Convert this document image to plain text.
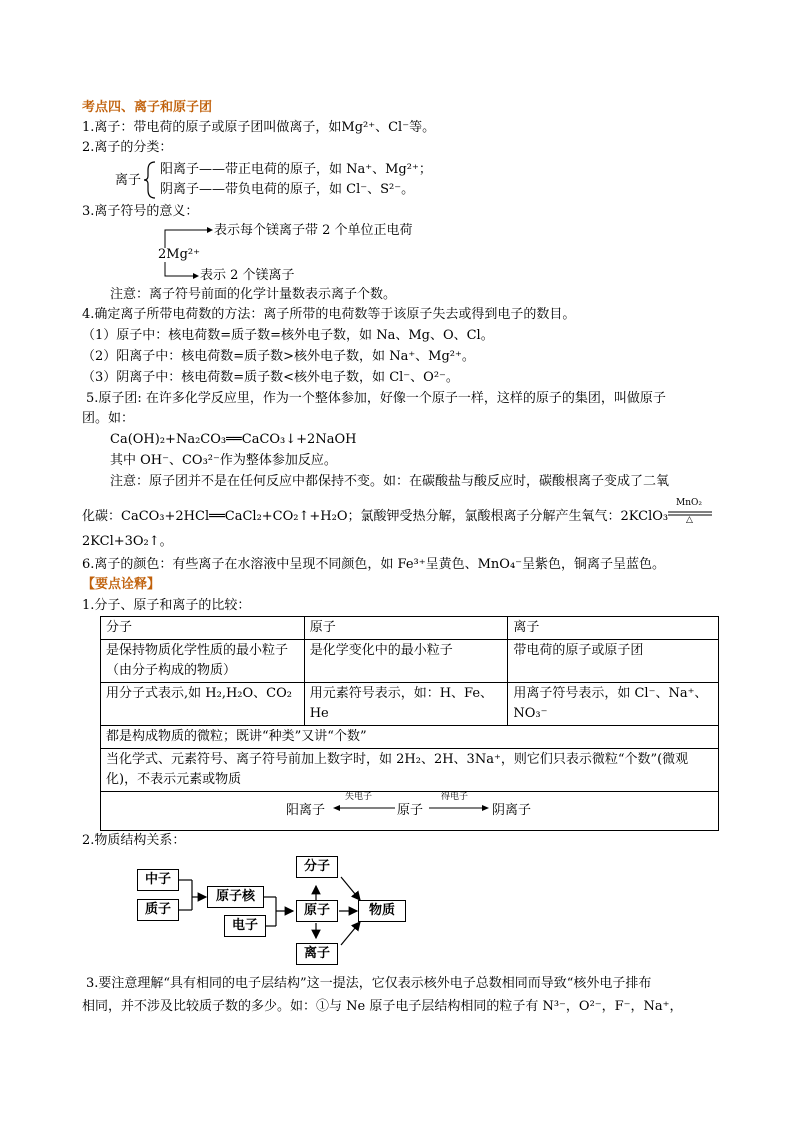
考点四、离子和原子团
1.离子：带电荷的原子或原子团叫做离子，如Mg²⁺、Cl⁻等。
2.离子的分类：
离子
阳离子——带正电荷的原子，如 Na⁺、Mg²⁺；
阴离子——带负电荷的原子，如 Cl⁻、S²⁻。
3.离子符号的意义：
表示每个镁离子带 2 个单位正电荷
2Mg²⁺
表示 2 个镁离子
注意：离子符号前面的化学计量数表示离子个数。
4.确定离子所带电荷数的方法：离子所带的电荷数等于该原子失去或得到电子的数目。
（1）原子中：核电荷数=质子数=核外电子数，如 Na、Mg、O、Cl。
（2）阳离子中：核电荷数=质子数>核外电子数，如 Na⁺、Mg²⁺。
（3）阴离子中：核电荷数=质子数<核外电子数，如 Cl⁻、O²⁻。
5.原子团: 在许多化学反应里，作为一个整体参加，好像一个原子一样，这样的原子的集团，叫做原子
团。如：
Ca(OH)₂+Na₂CO₃══CaCO₃↓+2NaOH
其中 OH⁻、CO₃²⁻作为整体参加反应。
注意：原子团并不是在任何反应中都保持不变。如：在碳酸盐与酸反应时，碳酸根离子变成了二氧
化碳：CaCO₃+2HCl══CaCl₂+CO₂↑+H₂O；氯酸钾受热分解，氯酸根离子分解产生氧气：2KClO₃
MnO₂
△
2KCl+3O₂↑。
6.离子的颜色：有些离子在水溶液中呈现不同颜色，如 Fe³⁺呈黄色、MnO₄⁻呈紫色，铜离子呈蓝色。
【要点诠释】
1.分子、原子和离子的比较：
分子	原子	离子
是保持物质化学性质的最小粒子（由分子构成的物质）	是化学变化中的最小粒子	带电荷的原子或原子团
用分子式表示,如 H₂,H₂O、CO₂	用元素符号表示，如：H、Fe、He	用离子符号表示，如 Cl⁻、Na⁺、NO₃⁻
都是构成物质的微粒；既讲“种类”又讲“个数”		
当化学式、元素符号、离子符号前加上数字时，如 2H₂、2H、3Na⁺，则它们只表示微粒“个数”(微观化)，不表示元素或物质		

阳离子
失电子
原子
得电子
阴离子		
2.物质结构关系：
中子
质子
原子核
电子
分子
原子
离子
物质
3.要注意理解“具有相同的电子层结构”这一提法，它仅表示核外电子总数相同而导致“核外电子排布
相同，并不涉及比较质子数的多少。如：①与 Ne 原子电子层结构相同的粒子有 N³⁻，O²⁻，F⁻，Na⁺，
